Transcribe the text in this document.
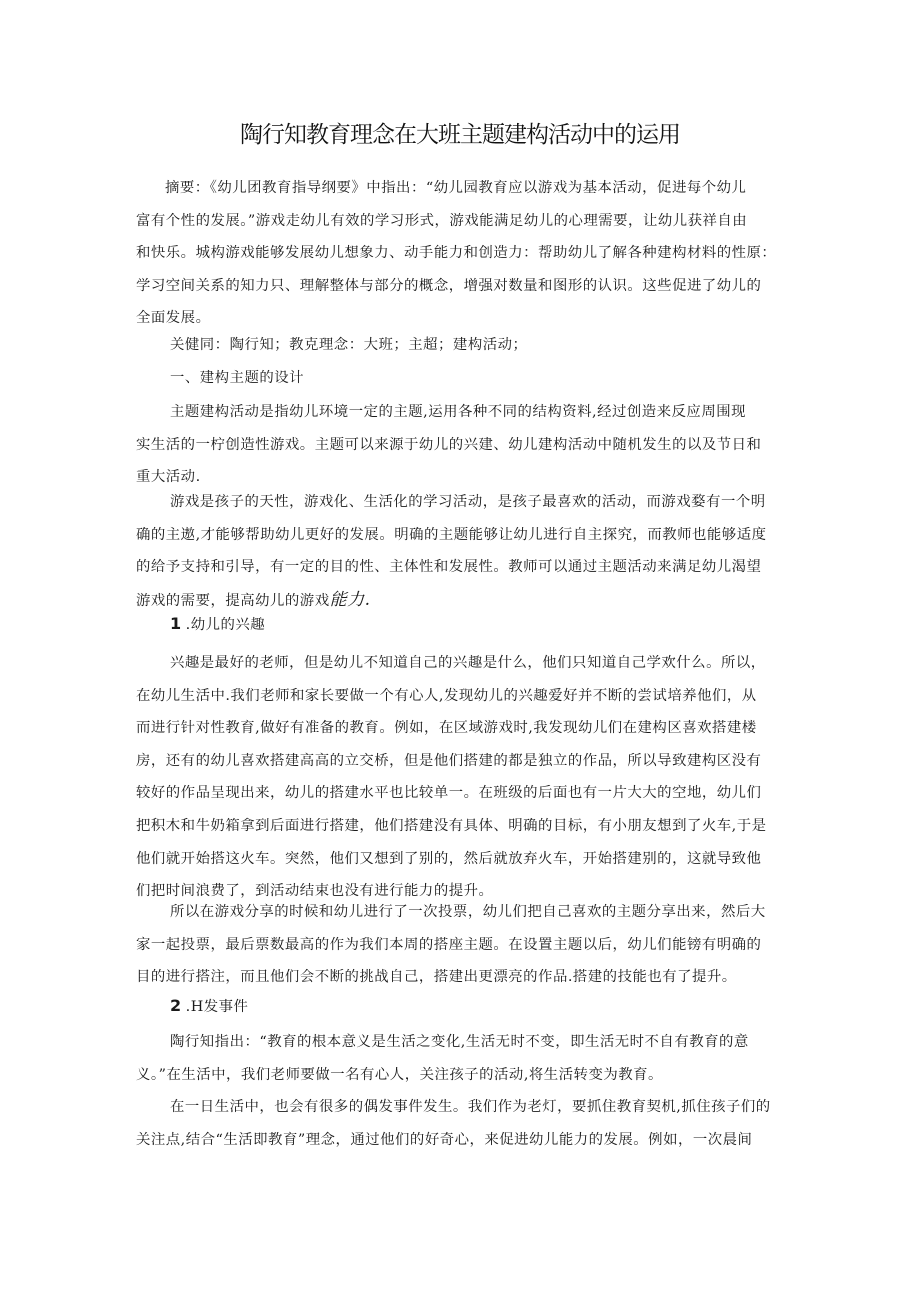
陶行知教育理念在大班主题建构活动中的运用
摘要：《幼儿团教育指导纲要》中指出：“幼儿园教育应以游戏为基本活动，促进每个幼儿
富有个性的发展。”游戏走幼儿有效的学习形式，游戏能满足幼儿的心理需要，让幼儿获祥自由
和快乐。城构游戏能够发展幼儿想象力、动手能力和创造力：帮助幼儿了解各种建构材料的性原：
学习空间关系的知力只、理解整体与部分的概念，增强对数量和图形的认识。这些促进了幼儿的
全面发展。
关健同：陶行知；教克理念：大班；主超；建构活动；
一、建构主题的设计
主题建构活动是指幼儿环境一定的主题,运用各种不同的结构资料,经过创造来反应周围现
实生活的一柠创造性游戏。主题可以来源于幼儿的兴建、幼儿建构活动中随机发生的以及节日和
重大活动.
游戏是孩子的天性，游戏化、生活化的学习活动，是孩子最喜欢的活动，而游戏婺有一个明
确的主遨,才能够帮助幼儿更好的发展。明确的主题能够让幼儿进行自主探究，而教师也能够适度
的给予支持和引导，有一定的目的性、主体性和发展性。教师可以通过主题活动来满足幼儿渴望
游戏的需要，提高幼儿的游戏能力.
1 .幼儿的兴趣
兴趣是最好的老师，但是幼儿不知道自己的兴趣是什么，他们只知道自己学欢什么。所以，
在幼儿生活中.我们老师和家长要做一个有心人,发现幼儿的兴趣爱好并不断的尝试培养他们，从
而进行针对性教育,做好有准备的教育。例如，在区域游戏时,我发现幼儿们在建构区喜欢搭建楼
房，还有的幼儿喜欢搭建高高的立交桥，但是他们搭建的都是独立的作品，所以导致建构区没有
较好的作品呈现出来，幼儿的搭建水平也比较单一。在班级的后面也有一片大大的空地，幼儿们
把积木和牛奶箱拿到后面进行搭建，他们搭建没有具体、明确的目标，有小朋友想到了火车,于是
他们就开始搭这火车。突然，他们又想到了别的，然后就放弃火车，开始搭建别的，这就导致他
们把时间浪费了，到活动结束也没有进行能力的提升。
所以在游戏分享的时候和幼儿进行了一次投票，幼儿们把自己喜欢的主题分享出来，然后大
家一起投票，最后票数最高的作为我们本周的搭座主题。在设置主题以后，幼儿们能镑有明确的
目的进行搭注，而且他们会不断的挑战自己，搭建出更漂亮的作品.搭建的技能也有了提升。
2 .H发事件
陶行知指出：“教育的根本意义是生活之变化,生活无时不变，即生活无时不自有教育的意
义。”在生活中，我们老师要做一名有心人，关注孩子的活动,将生活转变为教育。
在一日生活中，也会有很多的偶发事件发生。我们作为老灯，要抓住教育契机,抓住孩子们的
关注点,结合“生活即教育”理念，通过他们的好奇心，来促进幼儿能力的发展。例如，一次晨间
